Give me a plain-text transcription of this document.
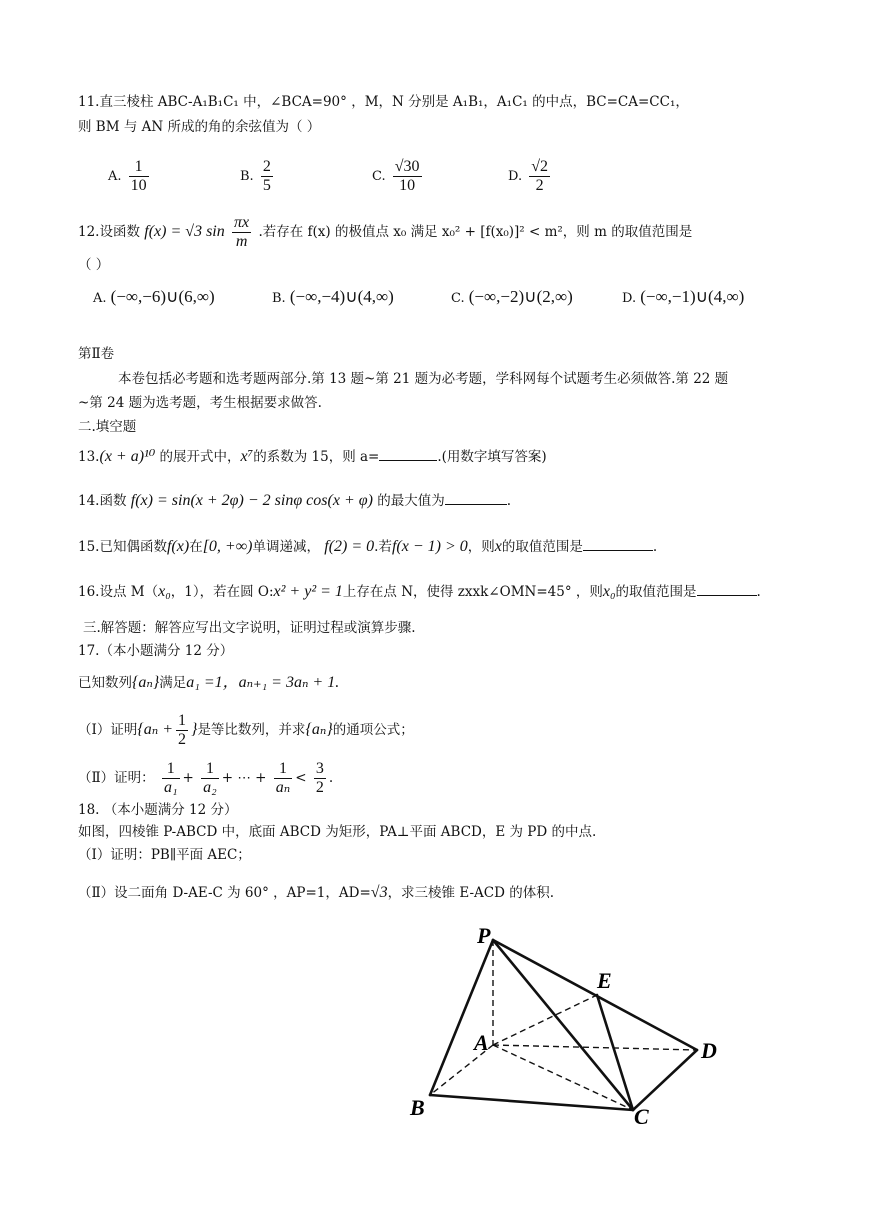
11.直三棱柱 ABC-A₁B₁C₁ 中，∠BCA=90° ，M，N 分别是 A₁B₁，A₁C₁ 的中点，BC=CA=CC₁，
则 BM 与 AN 所成的角的余弦值为（ ）
A. $\frac{1}{10}$	B. $\frac{2}{5}$	C. $\frac{√30}{10}$	D. $\frac{√2}{2}$
12.设函数 f(x) = √3 $\sin \frac{\pi x}{m}$ .若存在 f(x) 的极值点 x₀ 满足 x₀² + [f(x₀)]² < m²，则 m 的取值范围是
（ ）
A. (−∞,−6)∪(6,∞)	B. (−∞,−4)∪(4,∞)	C. (−∞,−2)∪(2,∞)	D. (−∞,−1)∪(4,∞)
第Ⅱ卷
本卷包括必考题和选考题两部分.第 13 题~第 21 题为必考题，学科网每个试题考生必须做答.第 22 题
~第 24 题为选考题，考生根据要求做答.
二.填空题
13.(x + a)¹⁰ 的展开式中，x⁷的系数为 15，则 a=	.(用数字填写答案)
14.函数 f(x) = sin(x + 2φ) − 2 sinφ cos(x + φ) 的最大值为	.
15.已知偶函数f(x)在[0, +∞)单调递减， f(2) = 0.若f(x − 1) > 0，则x的取值范围是	.
16.设点 M（x₀，1），若在圆 O:x² + y² = 1上存在点 N，使得 zxxk∠OMN=45° ，则x₀的取值范围是	.
三.解答题：解答应写出文字说明，证明过程或演算步骤.
17.（本小题满分 12 分）
已知数列{aₙ}满足a₁ =1，aₙ₊₁ = 3aₙ + 1.
（Ⅰ）证明{$a_n + \frac{1}{2}$ }是等比数列，并求{aₙ}的通项公式；
（Ⅱ）证明： $\frac{1}{\text{a₁}} + \frac{1}{\text{a₂}}$ + ⋯ + $\frac{1}{\text{aₙ}} < \frac{3}{2}$ .
18. （本小题满分 12 分）
如图，四棱锥 P-ABCD 中，底面 ABCD 为矩形，PA⊥平面 ABCD，E 为 PD 的中点.
（Ⅰ）证明：PB∥平面 AEC；
（Ⅱ）设二面角 D-AE-C 为 60° ，AP=1，AD=√3，求三棱锥 E-ACD 的体积.
P
E
A	D
B	C
